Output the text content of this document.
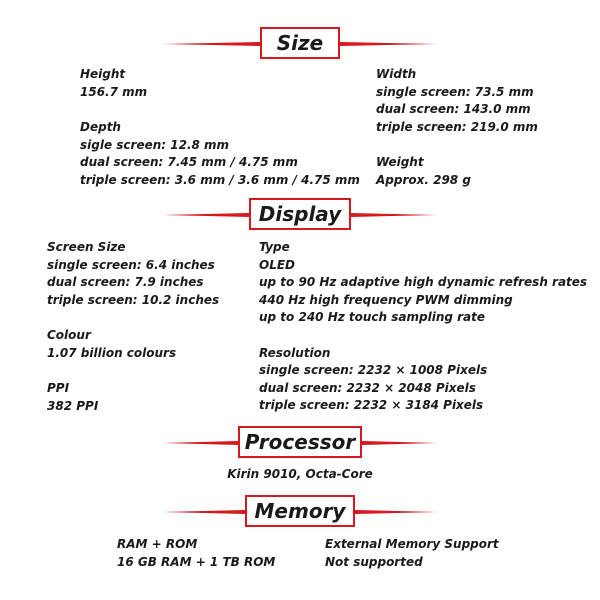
Size
Height
156.7 mm
Depth
sigle screen: 12.8 mm
dual screen: 7.45 mm / 4.75 mm
triple screen: 3.6 mm / 3.6 mm / 4.75 mm
Width
single screen: 73.5 mm
dual screen: 143.0 mm
triple screen: 219.0 mm
Weight
Approx. 298 g
Display
Screen Size
single screen: 6.4 inches
dual screen: 7.9 inches
triple screen: 10.2 inches
Colour
1.07 billion colours
PPI
382 PPI
Type
OLED
up to 90 Hz adaptive high dynamic refresh rates
440 Hz high frequency PWM dimming
up to 240 Hz touch sampling rate
Resolution
single screen: 2232 × 1008 Pixels
dual screen: 2232 × 2048 Pixels
triple screen: 2232 × 3184 Pixels
Processor
Kirin 9010, Octa-Core
Memory
RAM + ROM
16 GB RAM + 1 TB ROM
External Memory Support
Not supported
